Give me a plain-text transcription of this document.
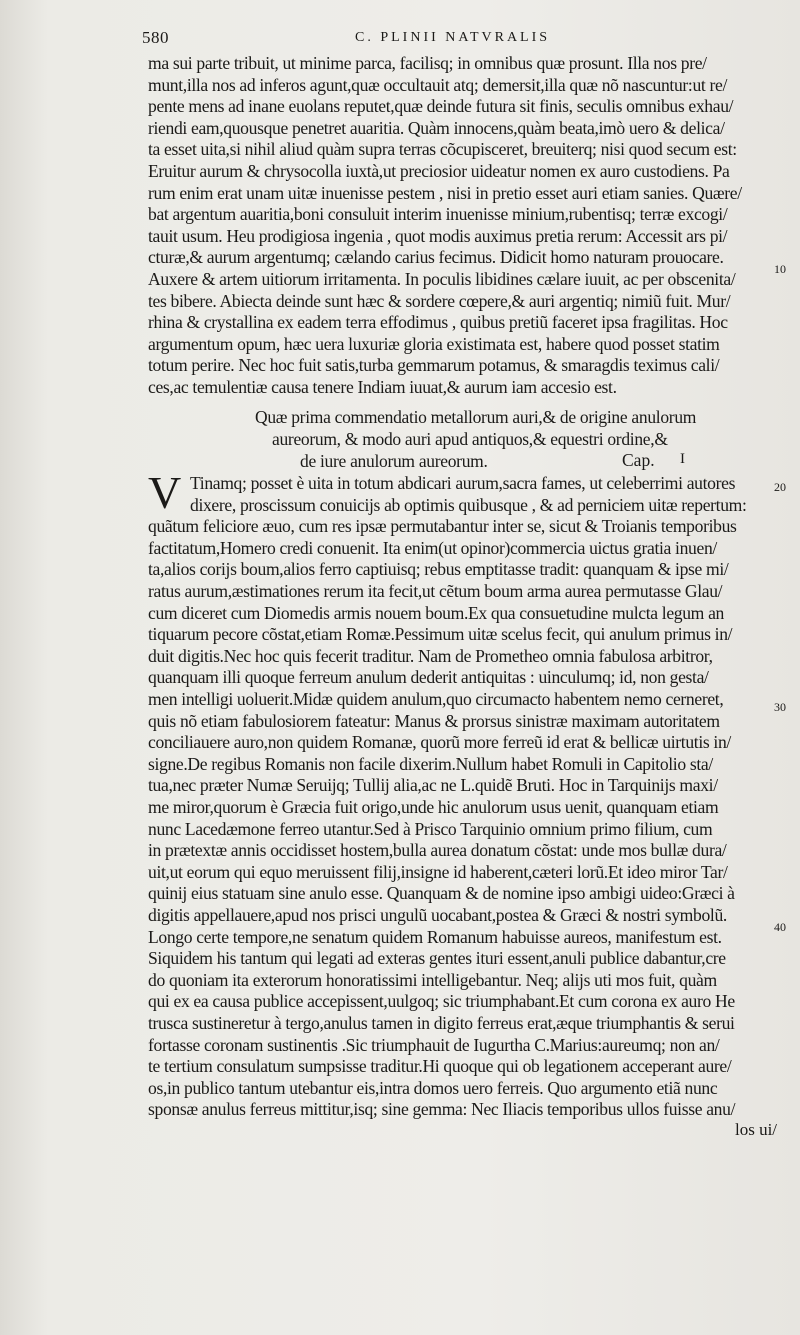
580	C. PLINII NATVRALIS
ma sui parte tribuit, ut minime parca, facilisq; in omnibus quæ prosunt. Illa nos pre/
munt,illa nos ad inferos agunt,quæ occultauit atq; demersit,illa quæ nõ nascuntur:ut re/
pente mens ad inane euolans reputet,quæ deinde futura sit finis, seculis omnibus exhau/
riendi eam,quousque penetret auaritia. Quàm innocens,quàm beata,imò uero & delica/
ta esset uita,si nihil aliud quàm supra terras cõcupisceret, breuiterq; nisi quod secum est:
Eruitur aurum & chrysocolla iuxtà,ut preciosior uideatur nomen ex auro custodiens. Pa
rum enim erat unam uitæ inuenisse pestem , nisi in pretio esset auri etiam sanies. Quære/
bat argentum auaritia,boni consuluit interim inuenisse minium,rubentisq; terræ excogi/
tauit usum. Heu prodigiosa ingenia , quot modis auximus pretia rerum: Accessit ars pi/
cturæ,& aurum argentumq; cælando carius fecimus. Didicit homo naturam prouocare.
Auxere & artem uitiorum irritamenta. In poculis libidines cælare iuuit, ac per obscenita/
tes bibere. Abiecta deinde sunt hæc & sordere cœpere,& auri argentiq; nimiũ fuit. Mur/
rhina & crystallina ex eadem terra effodimus , quibus pretiũ faceret ipsa fragilitas. Hoc
argumentum opum, hæc uera luxuriæ gloria existimata est, habere quod posset statim
totum perire. Nec hoc fuit satis,turba gemmarum potamus, & smaragdis teximus cali/
ces,ac temulentiæ causa tenere Indiam iuuat,& aurum iam accesio est.
Quæ prima commendatio metallorum auri,& de origine anulorum
aureorum, & modo auri apud antiquos,& equestri ordine,&
de iure anulorum aureorum.	Cap. I
V Tinamq; posset è uita in totum abdicari aurum,sacra fames, ut celeberrimi autores
dixere, proscissum conuicijs ab optimis quibusque , & ad perniciem uitæ repertum:
quãtum feliciore æuo, cum res ipsæ permutabantur inter se, sicut & Troianis temporibus
factitatum,Homero credi conuenit. Ita enim(ut opinor)commercia uictus gratia inuen/
ta,alios corijs boum,alios ferro captiuisq; rebus emptitasse tradit: quanquam & ipse mi/
ratus aurum,æstimationes rerum ita fecit,ut cẽtum boum arma aurea permutasse Glau/
cum diceret cum Diomedis armis nouem boum.Ex qua consuetudine mulcta legum an
tiquarum pecore cõstat,etiam Romæ.Pessimum uitæ scelus fecit, qui anulum primus in/
duit digitis.Nec hoc quis fecerit traditur. Nam de Prometheo omnia fabulosa arbitror,
quanquam illi quoque ferreum anulum dederit antiquitas : uinculumq; id, non gesta/
men intelligi uoluerit.Midæ quidem anulum,quo circumacto habentem nemo cerneret,
quis nõ etiam fabulosiorem fateatur: Manus & prorsus sinistræ maximam autoritatem
conciliauere auro,non quidem Romanæ, quorũ more ferreũ id erat & bellicæ uirtutis in/
signe.De regibus Romanis non facile dixerim.Nullum habet Romuli in Capitolio sta/
tua,nec præter Numæ Seruijq; Tullij alia,ac ne L.quidẽ Bruti. Hoc in Tarquinijs maxi/
me miror,quorum è Græcia fuit origo,unde hic anulorum usus uenit, quanquam etiam
nunc Lacedæmone ferreo utantur.Sed à Prisco Tarquinio omnium primo filium, cum
in prætextæ annis occidisset hostem,bulla aurea donatum cõstat: unde mos bullæ dura/
uit,ut eorum qui equo meruissent filij,insigne id haberent,cæteri lorũ.Et ideo miror Tar/
quinij eius statuam sine anulo esse. Quanquam & de nomine ipso ambigi uideo:Græci à
digitis appellauere,apud nos prisci ungulũ uocabant,postea & Græci & nostri symbolũ.
Longo certe tempore,ne senatum quidem Romanum habuisse aureos, manifestum est.
Siquidem his tantum qui legati ad exteras gentes ituri essent,anuli publice dabantur,cre
do quoniam ita exterorum honoratissimi intelligebantur. Neq; alijs uti mos fuit, quàm
qui ex ea causa publice accepissent,uulgoq; sic triumphabant.Et cum corona ex auro He
trusca sustineretur à tergo,anulus tamen in digito ferreus erat,æque triumphantis & serui
fortasse coronam sustinentis .Sic triumphauit de Iugurtha C.Marius:aureumq; non an/
te tertium consulatum sumpsisse traditur.Hi quoque qui ob legationem acceperant aure/
os,in publico tantum utebantur eis,intra domos uero ferreis. Quo argumento etiã nunc
sponsæ anulus ferreus mittitur,isq; sine gemma: Nec Iliacis temporibus ullos fuisse anu/
los ui/
10
20
30
40
